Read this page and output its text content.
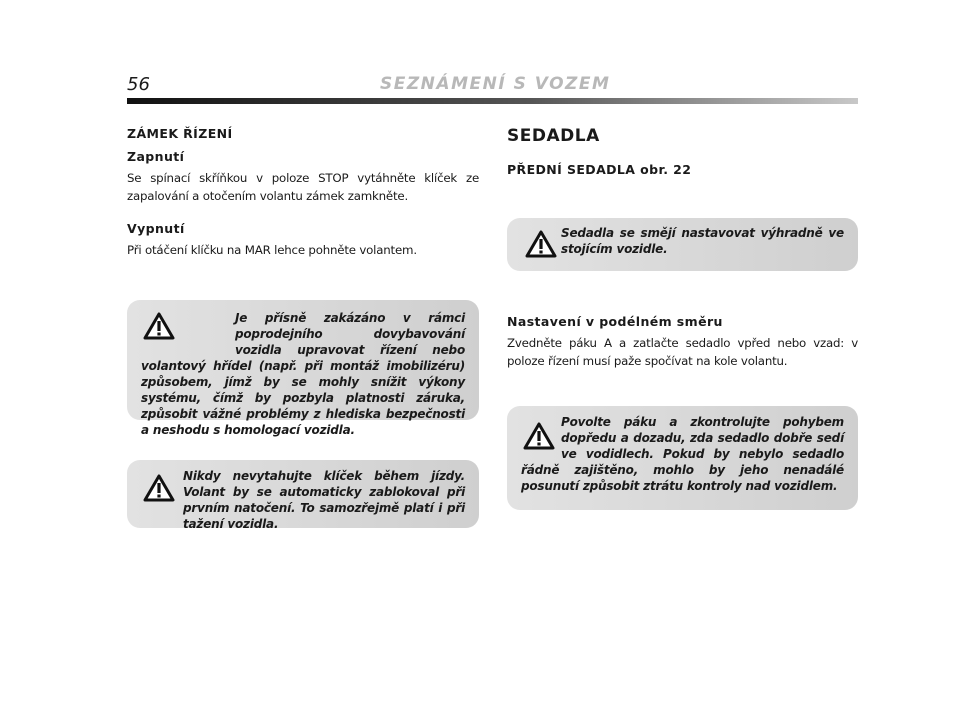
56	SEZNÁMENÍ S VOZEM
ZÁMEK ŘÍZENÍ
Zapnutí

Se spínací skříňkou v poloze STOP vytáhněte klíček ze zapalování a otočením volantu zámek zamkněte.

Vypnutí

Při otáčení klíčku na MAR lehce pohněte volantem.

Je přísně zakázáno v rámci poprodejního dovybavování vozidla upravovat řízení nebo volantový hřídel (např. při montáž imobilizéru) způsobem, jímž by se mohly snížit výkony systému, čímž by pozbyla platnosti záruka, způsobit vážné problémy z hlediska bezpečnosti a neshodu s homologací vozidla.

Nikdy nevytahujte klíček během jízdy. Volant by se automaticky zablokoval při prvním natočení. To samozřejmě platí i při tažení vozidla.

SEDADLA
PŘEDNÍ SEDADLA obr. 22

Sedadla se smějí nastavovat výhradně ve stojícím vozidle.

Nastavení v podélném směru

Zvedněte páku A a zatlačte sedadlo vpřed nebo vzad: v poloze řízení musí paže spočívat na kole volantu.

Povolte páku a zkontrolujte pohybem dopředu a dozadu, zda sedadlo dobře sedí ve vodidlech. Pokud by nebylo sedadlo řádně zajištěno, mohlo by jeho nenadálé posunutí způsobit ztrátu kontroly nad vozidlem.
